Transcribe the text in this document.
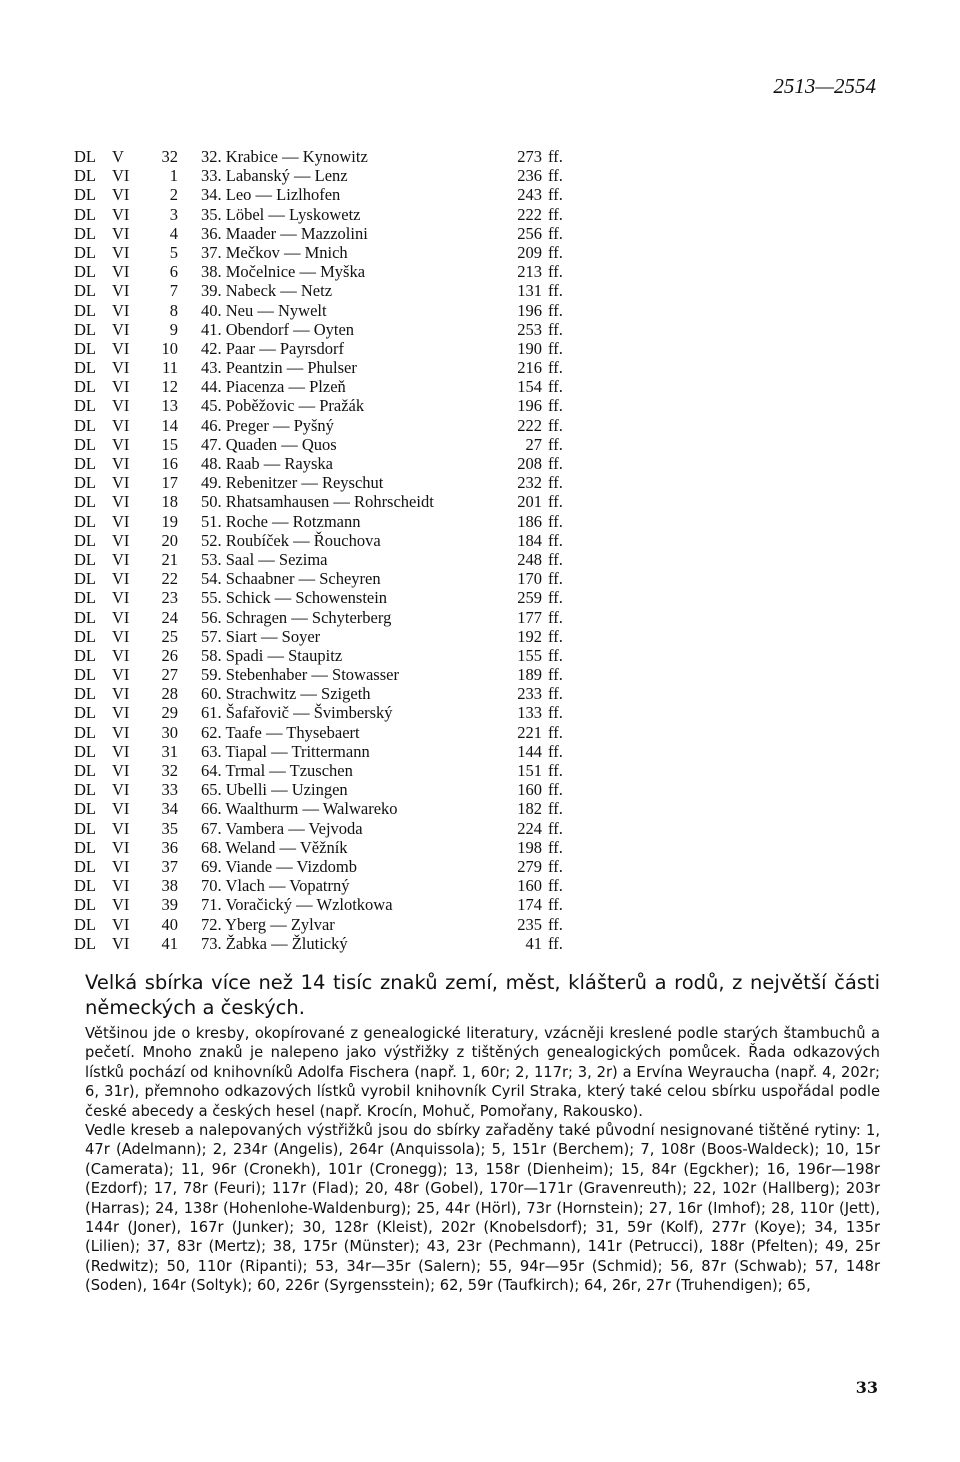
2513—2554
DL V	32 32. Krabice — Kynowitz	273 ff.
DL VI	1 33. Labanský — Lenz	236 ff.
DL VI	2 34. Leo — Lizlhofen	243 ff.
DL VI	3 35. Löbel — Lyskowetz	222 ff.
DL VI	4 36. Maader — Mazzolini	256 ff.
DL VI	5 37. Mečkov — Mnich	209 ff.
DL VI	6 38. Močelnice — Myška	213 ff.
DL VI	7 39. Nabeck — Netz	131 ff.
DL VI	8 40. Neu — Nywelt	196 ff.
DL VI	9 41. Obendorf — Oyten	253 ff.
DL VI	10 42. Paar — Payrsdorf	190 ff.
DL VI	11 43. Peantzin — Phulser	216 ff.
DL VI	12 44. Piacenza — Plzeň	154 ff.
DL VI	13 45. Poběžovic — Pražák	196 ff.
DL VI	14 46. Preger — Pyšný	222 ff.
DL VI	15 47. Quaden — Quos	27 ff.
DL VI	16 48. Raab — Rayska	208 ff.
DL VI	17 49. Rebenitzer — Reyschut	232 ff.
DL VI	18 50. Rhatsamhausen — Rohrscheidt	201 ff.
DL VI	19 51. Roche — Rotzmann	186 ff.
DL VI	20 52. Roubíček — Řouchova	184 ff.
DL VI	21 53. Saal — Sezima	248 ff.
DL VI	22 54. Schaabner — Scheyren	170 ff.
DL VI	23 55. Schick — Schowenstein	259 ff.
DL VI	24 56. Schragen — Schyterberg	177 ff.
DL VI	25 57. Siart — Soyer	192 ff.
DL VI	26 58. Spadi — Staupitz	155 ff.
DL VI	27 59. Stebenhaber — Stowasser	189 ff.
DL VI	28 60. Strachwitz — Szigeth	233 ff.
DL VI	29 61. Šafařovič — Švimberský	133 ff.
DL VI	30 62. Taafe — Thysebaert	221 ff.
DL VI	31 63. Tiapal — Trittermann	144 ff.
DL VI	32 64. Trmal — Tzuschen	151 ff.
DL VI	33 65. Ubelli — Uzingen	160 ff.
DL VI	34 66. Waalthurm — Walwareko	182 ff.
DL VI	35 67. Vambera — Vejvoda	224 ff.
DL VI	36 68. Weland — Věžník	198 ff.
DL VI	37 69. Viande — Vizdomb	279 ff.
DL VI	38 70. Vlach — Vopatrný	160 ff.
DL VI	39 71. Voračický — Wzlotkowa	174 ff.
DL VI	40 72. Yberg — Zylvar	235 ff.
DL VI	41 73. Žabka — Žlutický	41 ff.
Velká sbírka více než 14 tisíc znaků zemí, měst, klášterů a rodů, z největší části německých a českých.

Většinou jde o kresby, okopírované z genealogické literatury, vzácněji kreslené podle starých štambuchů a pečetí. Mnoho znaků je nalepeno jako výstřižky z tištěných genealogických pomůcek. Řada odkazových lístků pochází od knihovníků Adolfa Fischera (např. 1, 60r; 2, 117r; 3, 2r) a Ervína Weyraucha (např. 4, 202r; 6, 31r), přemnoho odkazových lístků vyrobil knihovník Cyril Straka, který také celou sbírku uspořádal podle české abecedy a českých hesel (např. Krocín, Mohuč, Pomořany, Rakousko).

Vedle kreseb a nalepovaných výstřižků jsou do sbírky zařaděny také původní nesignované tištěné rytiny: 1, 47r (Adelmann); 2, 234r (Angelis), 264r (Anquissola); 5, 151r (Berchem); 7, 108r (Boos-Waldeck); 10, 15r (Camerata); 11, 96r (Cronekh), 101r (Cronegg); 13, 158r (Dienheim); 15, 84r (Egckher); 16, 196r—198r (Ezdorf); 17, 78r (Feuri); 117r (Flad); 20, 48r (Gobel), 170r—171r (Gravenreuth); 22, 102r (Hallberg); 203r (Harras); 24, 138r (Hohenlohe-Waldenburg); 25, 44r (Hörl), 73r (Hornstein); 27, 16r (Imhof); 28, 110r (Jett), 144r (Joner), 167r (Junker); 30, 128r (Kleist), 202r (Knobelsdorf); 31, 59r (Kolf), 277r (Koye); 34, 135r (Lilien); 37, 83r (Mertz); 38, 175r (Münster); 43, 23r (Pechmann), 141r (Petrucci), 188r (Pfelten); 49, 25r (Redwitz); 50, 110r (Ripanti); 53, 34r—35r (Salern); 55, 94r—95r (Schmid); 56, 87r (Schwab); 57, 148r (Soden), 164r (Soltyk); 60, 226r (Syrgensstein); 62, 59r (Taufkirch); 64, 26r, 27r (Truhendigen); 65,

33
